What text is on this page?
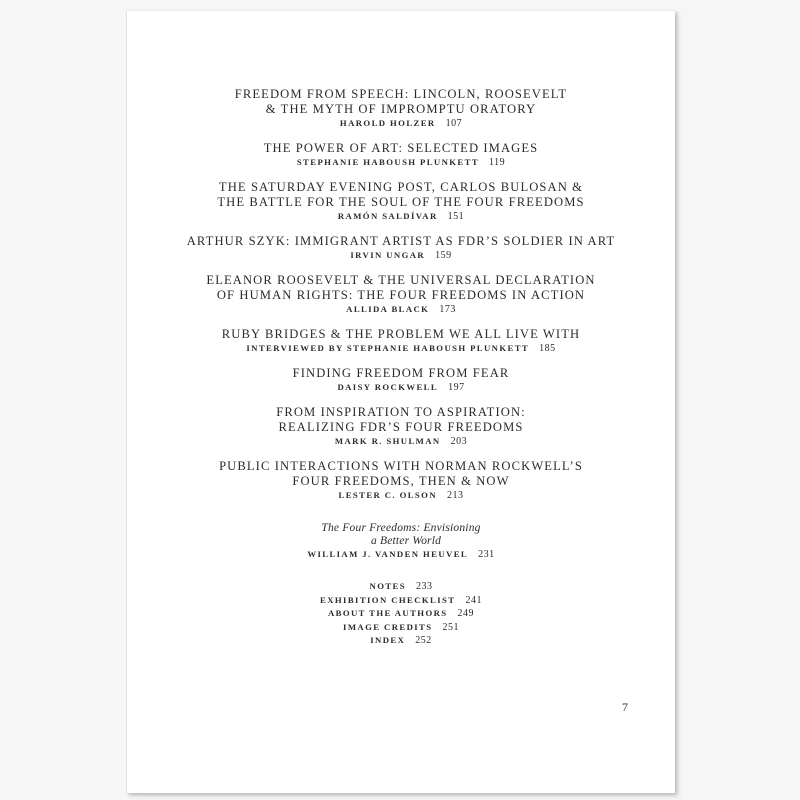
FREEDOM FROM SPEECH: LINCOLN, ROOSEVELT
& THE MYTH OF IMPROMPTU ORATORY
HAROLD HOLZER 107
THE POWER OF ART: SELECTED IMAGES
STEPHANIE HABOUSH PLUNKETT 119
THE SATURDAY EVENING POST, CARLOS BULOSAN &
THE BATTLE FOR THE SOUL OF THE FOUR FREEDOMS
RAMÓN SALDÍVAR 151
ARTHUR SZYK: IMMIGRANT ARTIST AS FDR’S SOLDIER IN ART
IRVIN UNGAR 159
ELEANOR ROOSEVELT & THE UNIVERSAL DECLARATION
OF HUMAN RIGHTS: THE FOUR FREEDOMS IN ACTION
ALLIDA BLACK 173
RUBY BRIDGES & THE PROBLEM WE ALL LIVE WITH
INTERVIEWED BY STEPHANIE HABOUSH PLUNKETT 185
FINDING FREEDOM FROM FEAR
DAISY ROCKWELL 197
FROM INSPIRATION TO ASPIRATION:
REALIZING FDR’S FOUR FREEDOMS
MARK R. SHULMAN 203
PUBLIC INTERACTIONS WITH NORMAN ROCKWELL’S
FOUR FREEDOMS, THEN & NOW
LESTER C. OLSON 213
The Four Freedoms: Envisioning
a Better World
WILLIAM J. VANDEN HEUVEL 231
NOTES 233
EXHIBITION CHECKLIST 241
ABOUT THE AUTHORS 249
IMAGE CREDITS 251
INDEX 252
7
